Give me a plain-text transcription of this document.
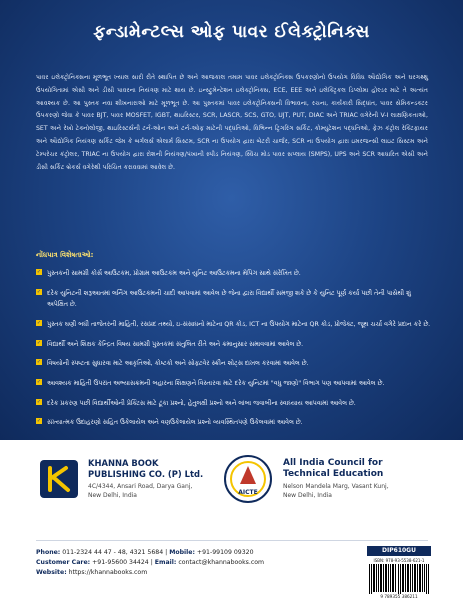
ફન્ડામેન્ટલ્સ ઓફ પાવર ઈલેક્ટ્રોનિક્સ
પાવર ઇલેક્ટ્રોનિક્સના મૂળભૂત ખ્યાલ સારી રીતે સ્થાપિત છે અને આજકાલ તમામ પાવર ઇલેક્ટ્રોનિક્સ ઉપકરણોનો ઉપયોગ વિવિધ ઔદ્યોગિક અને ઘરગથ્થુ ઉપયોગિતામાં એસી અને ડીસી પાવરના નિયંત્રણ માટે થાય છે. ઇન્સ્ટ્રુમેન્ટેશન ઇલેક્ટ્રોનિક્સ, ECE, EEE અને ઇલેક્ટ્રિકલ ડિપ્લોમા હોલ્ડર માટે તે અત્યંત આવશ્યક છે. આ પુસ્તક નવા શીખનારાઓ માટે મૂળભૂત છે. આ પુસ્તકમાં પાવર ઇલેક્ટ્રોનિક્સની વિભાવના, રચના, કાર્યકારી સિદ્ધાંત, પાવર સેમિકન્ડક્ટર ઉપકરણો જેવા કે પાવર BJT, પાવર MOSFET, IGBT, થાઇરિસ્ટર, SCR, LASCR, SCS, GTO, UJT, PUT, DIAC અને TRIAC વગેરેની V-I લાક્ષણિકતાઓ, SET અને રેખો ટેક્નોલોજી, થાઇરિસ્ટર્સની ટર્ન-ઓન અને ટર્ન-ઓફ માટેની પદ્ધતિઓ, વિભિન્ન ટ્રિગરિંગ સર્કિટ, કોમ્યુટેશન પદ્ધતિઓ, ફેઝ કંટ્રોલ રેક્ટિફાયર અને ઔદ્યોગિક નિયંત્રણ સર્કિટ જેમ કે બર્ગલર્સ એલાર્મ સિસ્ટમ, SCR ના ઉપયોગ દ્વારા બેટરી ચાર્જર, SCR ના ઉપયોગ દ્વારા ઇમરજન્સી લાઇટ સિસ્ટમ અને ટેમ્પરેચર કંટ્રોલર, TRIAC ના ઉપયોગ દ્વારા રોશની નિયંત્રણ/પંખાની સ્પીડ નિયંત્રણ, સ્વિચ મોડ પાવર સપ્લાય (SMPS), UPS અને SCR આધારિત એસી અને ડીસી સર્કિટ બ્રેકર્સ વગેરેથી પરિચિત કરાવવામાં આવેલ છે.
નોંધપાત્ર વિશેષતાઓ:
✓ પુસ્તકની સામગ્રી કોર્સ આઉટકમ, પ્રોગ્રામ આઉટકમ અને યુનિટ આઉટકમના મેપિંગ સાથે સંરેખિત છે.
✓ દરેક યુનિટની શરૂઆતમાં લર્નિંગ આઉટકમની ચાદી આપવામાં આવેલ છે જેના દ્વારા વિદ્યાર્થી સમજી શકે છે કે યુનિટ પૂર્ણ કર્યા પછી તેની પાસેથી શું અપેક્ષિત છે.
✓ પુસ્તક ઘણી બધી તાજેતરની માહિતી, રસપ્રદ તથ્યો, ઇ-સંસાધનો માટેના QR કોડ, ICT ના ઉપયોગ માટેના QR કોડ, પ્રોજેક્ટ, જૂથ ચર્ચા વગેરે પ્રદાન કરે છે.
✓ વિદ્યાર્થી અને શિક્ષક કેન્દ્રિત વિષય સામગ્રી પુસ્તકમાં સંતુલિત રીતે અને ક્રમાનુસાર સમાવવામાં આવેલ છે.
✓ વિષયોની સ્પષ્ટતા સુધારવા માટે આકૃતિઓ, કોષ્ટકો અને સોફ્ટવેર સ્ક્રીન શોટ્સ દાખલ કરવામાં આવેલ છે.
✓ આવશ્યક માહિતી ઉપરાંત અભ્યાસક્રમની બહારના શિક્ષણને વિસ્તારવા માટે દરેક યુનિટમાં "વધુ જાણો" વિભાગ પણ આપવામાં આવેલ છે.
✓ દરેક પ્રકરણ પછી વિદ્યાર્થીઓની પ્રેક્ટિસ માટે ટૂંકા પ્રશ્નો, હેતુલક્ષી પ્રશ્નો અને લાંબા જવાબીના સ્વાધ્યાય આપવામાં આવેલ છે.
✓ સંખ્યાત્મક ઉદાહરણો સહિત ઉકેલાયેલ અને વણઉકેલાયેલ પ્રશ્નો વ્યવસ્થિતપણે ઉકેલવામાં આવેલ છે.
KHANNA BOOK
PUBLISHING CO. (P) Ltd.
4C/4344, Ansari Road, Darya Ganj,
New Delhi, India	AICTE
All India Council for
Technical Education
Nelson Mandela Marg, Vasant Kunj,
New Delhi, India
Phone: 011-2324 44 47 - 48, 4321 5684 | Mobile: +91-99109 09320
Customer Care: +91-95600 34424 | Email: contact@khannabooks.com
Website: https://khannabooks.com
DIP610GU
ISBN: 978-93-5538-621-1
9 789355 386211
